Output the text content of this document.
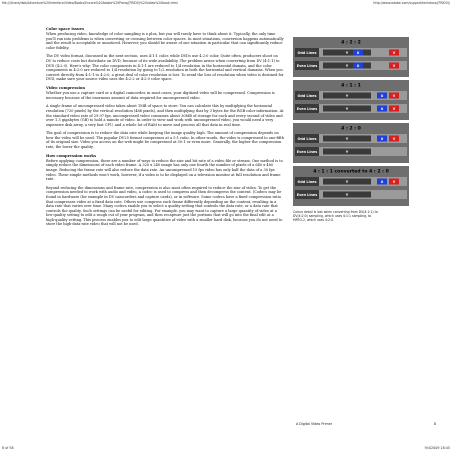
file:///Users/dsb/Adventure%20Interface/Video/Books/Encore%20Adobe%20Press/(FRID0)%20video%20book.html	http://www.adobe.com/support/techdocs/(FRID0)/
Color space issues

When producing video, knowledge of color sampling is a plus, but you will rarely have to think about it. Typically, the only time you'll run into problems is when converting or crossing between color spaces. In most situations, conversion happens automatically and the result is acceptable or unnoticed. However, you should be aware of one situation in particular that can significantly reduce color fidelity.

The DV video format, discussed in the next section, uses 4:1:1 color, while DVDs use 4:2:0 color. Quite often, producers shoot on DV to reduce costs but distribute on DVD, because of its wide availability. The problem arises when converting from DV (4:1:1) to DVD (4:2:0). Here's why: The color components in 4:1:1 are reduced to 1/4 resolution in the horizontal domain, and the color components in 4:2:0 are reduced to 1/4 resolution by going to 1/2 resolution in both the horizontal and vertical domains. When you convert directly from 4:1:1 to 4:2:0, a great deal of color resolution is lost. To avoid the loss of resolution when video is destined for DVD, make sure your source video uses the 4:2:2 or 4:2:0 color space.

Video compression

Whether you use a capture card or a digital camcorder, in most cases, your digitized video will be compressed. Compression is necessary because of the enormous amount of data required for uncompressed video.

A single frame of uncompressed video takes about 1MB of space to store. You can calculate this by multiplying the horizontal resolution (720 pixels) by the vertical resolution (486 pixels), and then multiplying that by 3 bytes for the RGB color information. At the standard video rate of 29.97 fps, uncompressed video consumes about 30MB of storage for each and every second of video and over 1.5 gigabytes (GB) to hold a minute of video. In order to view and work with uncompressed video, you would need a very expensive disk array, a very fast CPU, and a whole lot of RAM to move and process all that data in real time.

The goal of compression is to reduce the data rate while keeping the image quality high. The amount of compression depends on how the video will be used. The popular DV25 format compresses at a 5:1 ratio. In other words, the video is compressed to one-fifth of its original size. Video you access on the web might be compressed at 50:1 or even more. Generally, the higher the compression rate, the lower the quality.

How compression works

Before applying compression, there are a number of ways to reduce the size and bit rate of a video file or stream. One method is to simply reduce the dimensions of each video frame. A 320 x 240 image has only one fourth the number of pixels of a 640 x 480 image. Reducing the frame rate will also reduce the data rate. An uncompressed 15 fps video has only half the data of a 30 fps video. These simple methods won't work, however, if a video is to be displayed on a television monitor at full resolution and frame rate.

Beyond reducing the dimensions and frame rate, compression is also most often required to reduce the size of video. To get the compression needed to work with audio and video, a codec is used to compress and then decompress the content. (Codecs may be found in hardware (for example in DV camcorders and capture cards), or in software. Some codecs have a fixed compression ratio that compresses video at a fixed data rate. Others use compress each frame differently depending on the content, resulting in a data rate that varies over time. Many codecs enable you to select a quality setting that controls the data rate, or a data rate that controls the quality. Such settings can be useful for editing. For example, you may want to capture a large quantity of video at a low-quality setting to edit a rough cut of your program, and then recapture just the portions that will go into the final edit at a high-quality setting. This process enables you to edit large quantities of video with a smaller hard disk, because you do not need to store the high-data-rate video that will not be used.

4 : 2 : 2
Odd Lines	Y	U	V
Even Lines	Y	U	V
4 : 1 : 1
Odd Lines	Y	U	V
Even Lines	Y	U	V
4 : 2 : 0
Odd Lines	Y	U	V
Even Lines	Y
4 : 1 : 1 converted to 4 : 2 : 0
Odd Lines	Y	U	V
Even Lines	Y
Colour detail is lost when converting from DV(4:1:1) to DV(4:2:0) sampling, which uses 4:1:1 sampling, to MPEG-2, which uses 4:2:0.
A Digital Video Primer	8
8 of 58	9/4/2009 18:45
